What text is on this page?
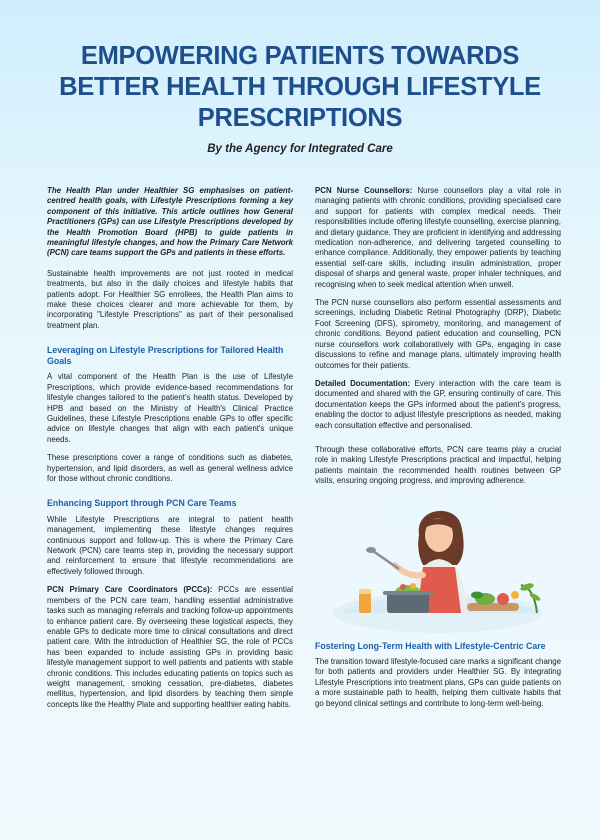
EMPOWERING PATIENTS TOWARDS BETTER HEALTH THROUGH LIFESTYLE PRESCRIPTIONS
By the Agency for Integrated Care

The Health Plan under Healthier SG emphasises on patient-centred health goals, with Lifestyle Prescriptions forming a key component of this initiative. This article outlines how General Practitioners (GPs) can use Lifestyle Prescriptions developed by the Health Promotion Board (HPB) to guide patients in meaningful lifestyle changes, and how the Primary Care Network (PCN) care teams support the GPs and patients in these efforts.

Sustainable health improvements are not just rooted in medical treatments, but also in the daily choices and lifestyle habits that patients adopt. For Healthier SG enrollees, the Health Plan aims to make these choices clearer and more achievable for them, by incorporating "Lifestyle Prescriptions" as part of their personalised treatment plan.

Leveraging on Lifestyle Prescriptions for Tailored Health Goals

A vital component of the Health Plan is the use of Lifestyle Prescriptions, which provide evidence-based recommendations for lifestyle changes tailored to the patient's health status. Developed by HPB and based on the Ministry of Health's Clinical Practice Guidelines, these Lifestyle Prescriptions enable GPs to offer specific advice on lifestyle changes that align with each patient's unique needs.

These prescriptions cover a range of conditions such as diabetes, hypertension, and lipid disorders, as well as general wellness advice for those without chronic conditions.

Enhancing Support through PCN Care Teams

While Lifestyle Prescriptions are integral to patient health management, implementing these lifestyle changes requires continuous support and follow-up. This is where the Primary Care Network (PCN) care teams step in, providing the necessary support and reinforcement to ensure that lifestyle recommendations are effectively followed through.

PCN Primary Care Coordinators (PCCs): PCCs are essential members of the PCN care team, handling essential administrative tasks such as managing referrals and tracking follow-up appointments to enhance patient care. By overseeing these logistical aspects, they enable GPs to dedicate more time to clinical consultations and direct patient care. With the introduction of Healthier SG, the role of PCCs has been expanded to include assisting GPs in providing basic lifestyle management support to well patients and patients with stable chronic conditions. This includes educating patients on topics such as weight management, smoking cessation, pre-diabetes, diabetes mellitus, hypertension, and lipid disorders by teaching them simple concepts like the Healthy Plate and supporting healthier eating habits.

PCN Nurse Counsellors: Nurse counsellors play a vital role in managing patients with chronic conditions, providing specialised care and support for patients with complex medical needs. Their responsibilities include offering lifestyle counselling, exercise planning, and dietary guidance. They are proficient in identifying and addressing medication non-adherence, and delivering targeted counselling to enhance compliance. Additionally, they empower patients by teaching essential self-care skills, including insulin administration, proper disposal of sharps and general waste, proper inhaler techniques, and recognising when to seek medical attention when unwell.

The PCN nurse counsellors also perform essential assessments and screenings, including Diabetic Retinal Photography (DRP), Diabetic Foot Screening (DFS), spirometry, monitoring, and management of chronic conditions. Beyond patient education and counselling, PCN nurse counsellors work collaboratively with GPs, engaging in case discussions to refine and manage plans, ultimately improving health outcomes for their patients.

Detailed Documentation: Every interaction with the care team is documented and shared with the GP, ensuring continuity of care. This documentation keeps the GPs informed about the patient's progress, enabling the doctor to adjust lifestyle prescriptions as needed, making each consultation effective and personalised.

Through these collaborative efforts, PCN care teams play a crucial role in making Lifestyle Prescriptions practical and impactful, helping patients maintain the recommended health routines between GP visits, ensuring ongoing progress, and improving adherence.

Fostering Long-Term Health with Lifestyle-Centric Care

The transition toward lifestyle-focused care marks a significant change for both patients and providers under Healthier SG. By integrating Lifestyle Prescriptions into treatment plans, GPs can guide patients on a more sustainable path to health, helping them cultivate habits that go beyond clinical settings and contribute to long-term well-being.
